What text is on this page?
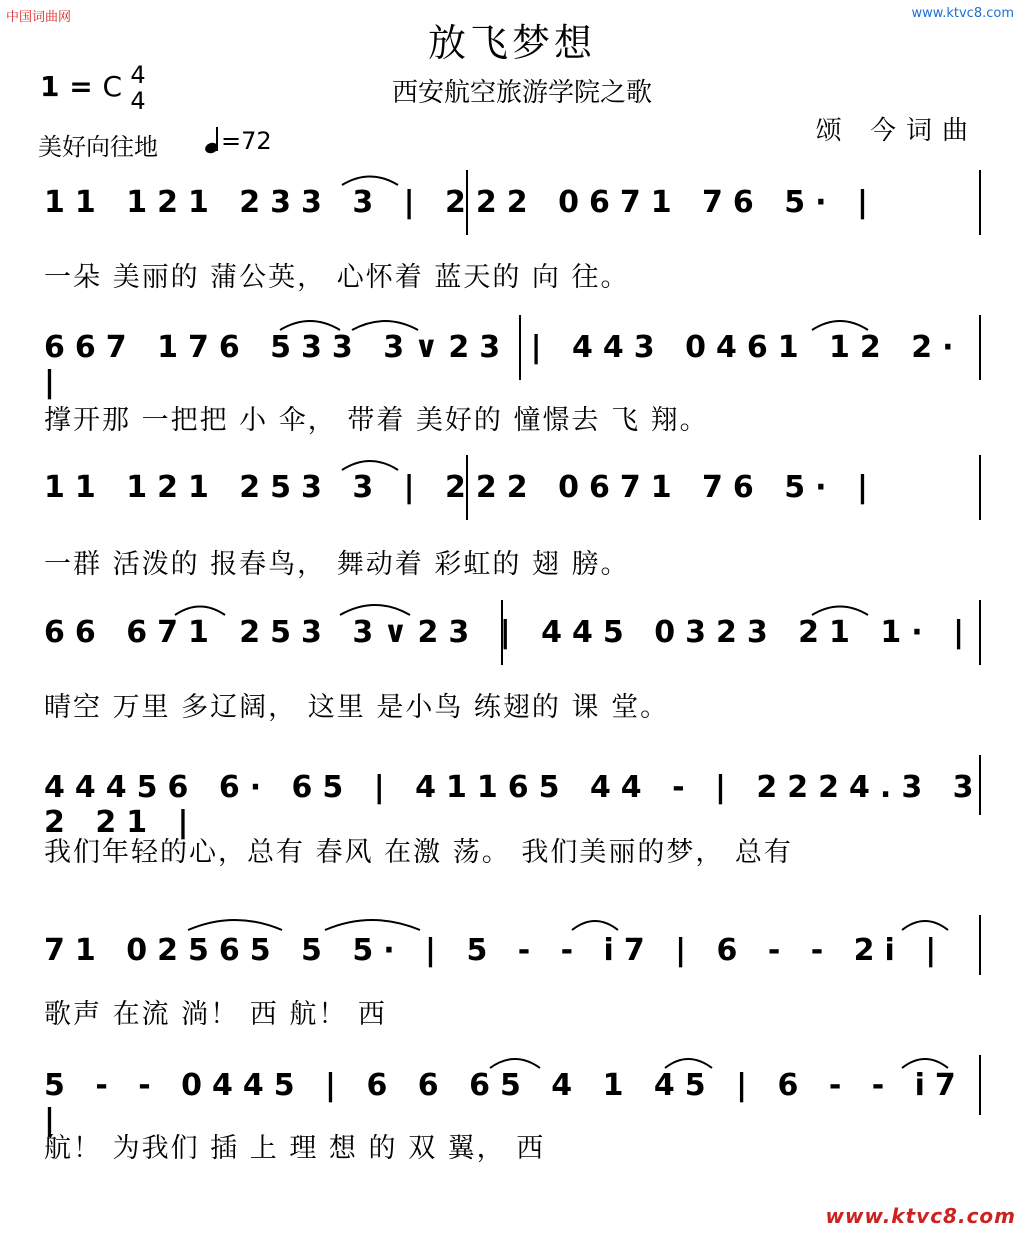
中国词曲网	www.ktvc8.com
放飞梦想
西安航空旅游学院之歌
1 = C 4
4
美好向往地	=72	颂 今词曲
11 121 233 3 | 222 0671 76 5· |
一朵 美丽的 蒲公英， 心怀着 蓝天的 向 往。
667 176 533 3∨23 | 443 0461 12 2· |
撑开那 一把把 小 伞， 带着 美好的 憧憬去 飞 翔。
11 121 253 3 | 222 0671 76 5· |
一群 活泼的 报春鸟， 舞动着 彩虹的 翅 膀。
66 671 253 3∨23 | 445 0323 21 1· |
晴空 万里 多辽阔， 这里 是小鸟 练翅的 课 堂。
44456 6· 65 | 41165 44 - | 2224.3 3 2 21 |
我们年轻的心，总有 春风 在激 荡。 我们美丽的梦， 总有
71 02565 5 5· | 5 - - i7 | 6 - - 2i |
歌声 在流 淌！ 西 航！ 西
5 - - 0445 | 6 6 65 4 1 45 | 6 - - i7 |
航！ 为我们 插 上 理 想 的 双 翼， 西
www.ktvc8.com
